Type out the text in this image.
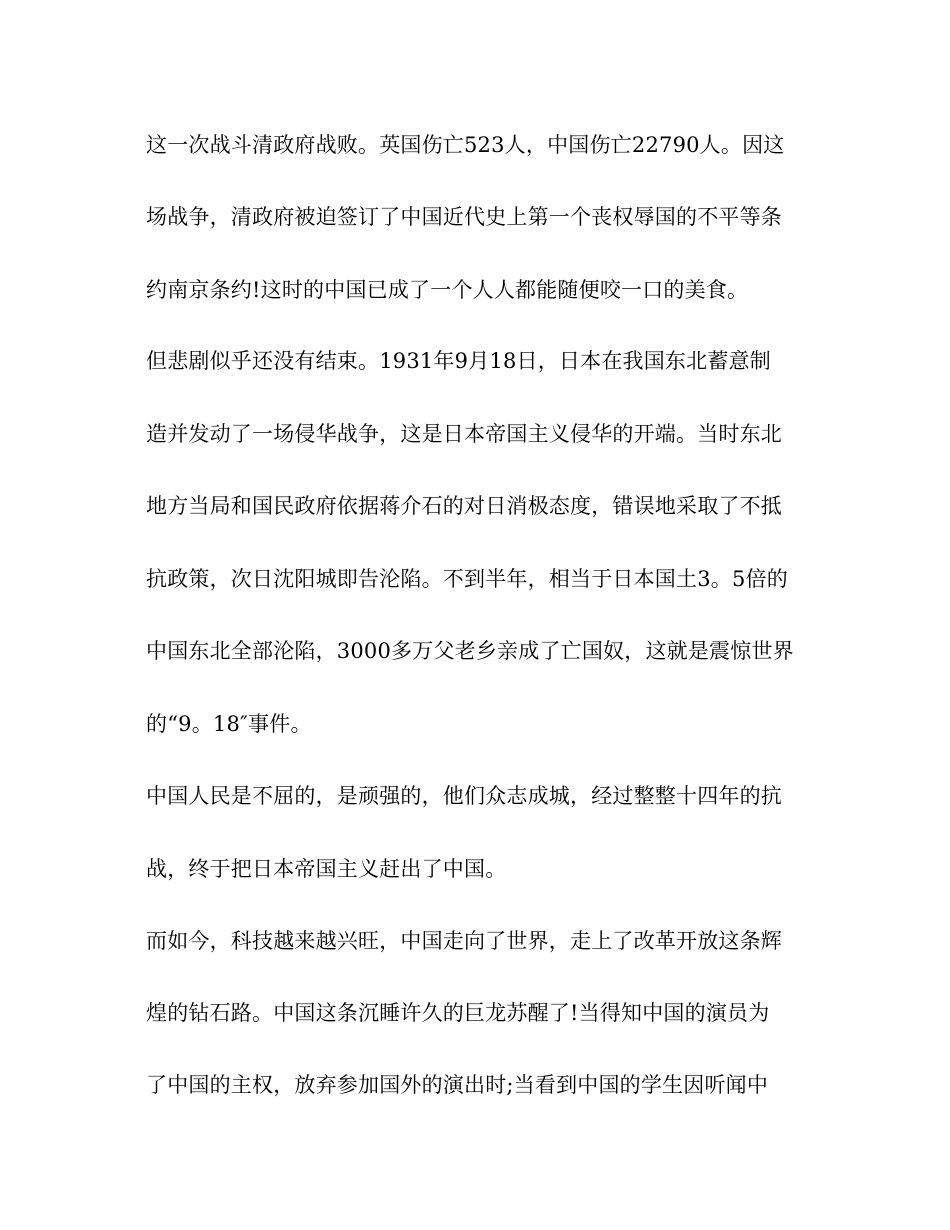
这一次战斗清政府战败。英国伤亡523人，中国伤亡22790人。因这
场战争，清政府被迫签订了中国近代史上第一个丧权辱国的不平等条
约南京条约!这时的中国已成了一个人人都能随便咬一口的美食。
但悲剧似乎还没有结束。1931年9月18日，日本在我国东北蓄意制
造并发动了一场侵华战争，这是日本帝国主义侵华的开端。当时东北
地方当局和国民政府依据蒋介石的对日消极态度，错误地采取了不抵
抗政策，次日沈阳城即告沦陷。不到半年，相当于日本国土3。5倍的
中国东北全部沦陷，3000多万父老乡亲成了亡国奴，这就是震惊世界
的“9。18″事件。
中国人民是不屈的，是顽强的，他们众志成城，经过整整十四年的抗
战，终于把日本帝国主义赶出了中国。
而如今，科技越来越兴旺，中国走向了世界，走上了改革开放这条辉
煌的钻石路。中国这条沉睡许久的巨龙苏醒了!当得知中国的演员为
了中国的主权，放弃参加国外的演出时;当看到中国的学生因听闻中
